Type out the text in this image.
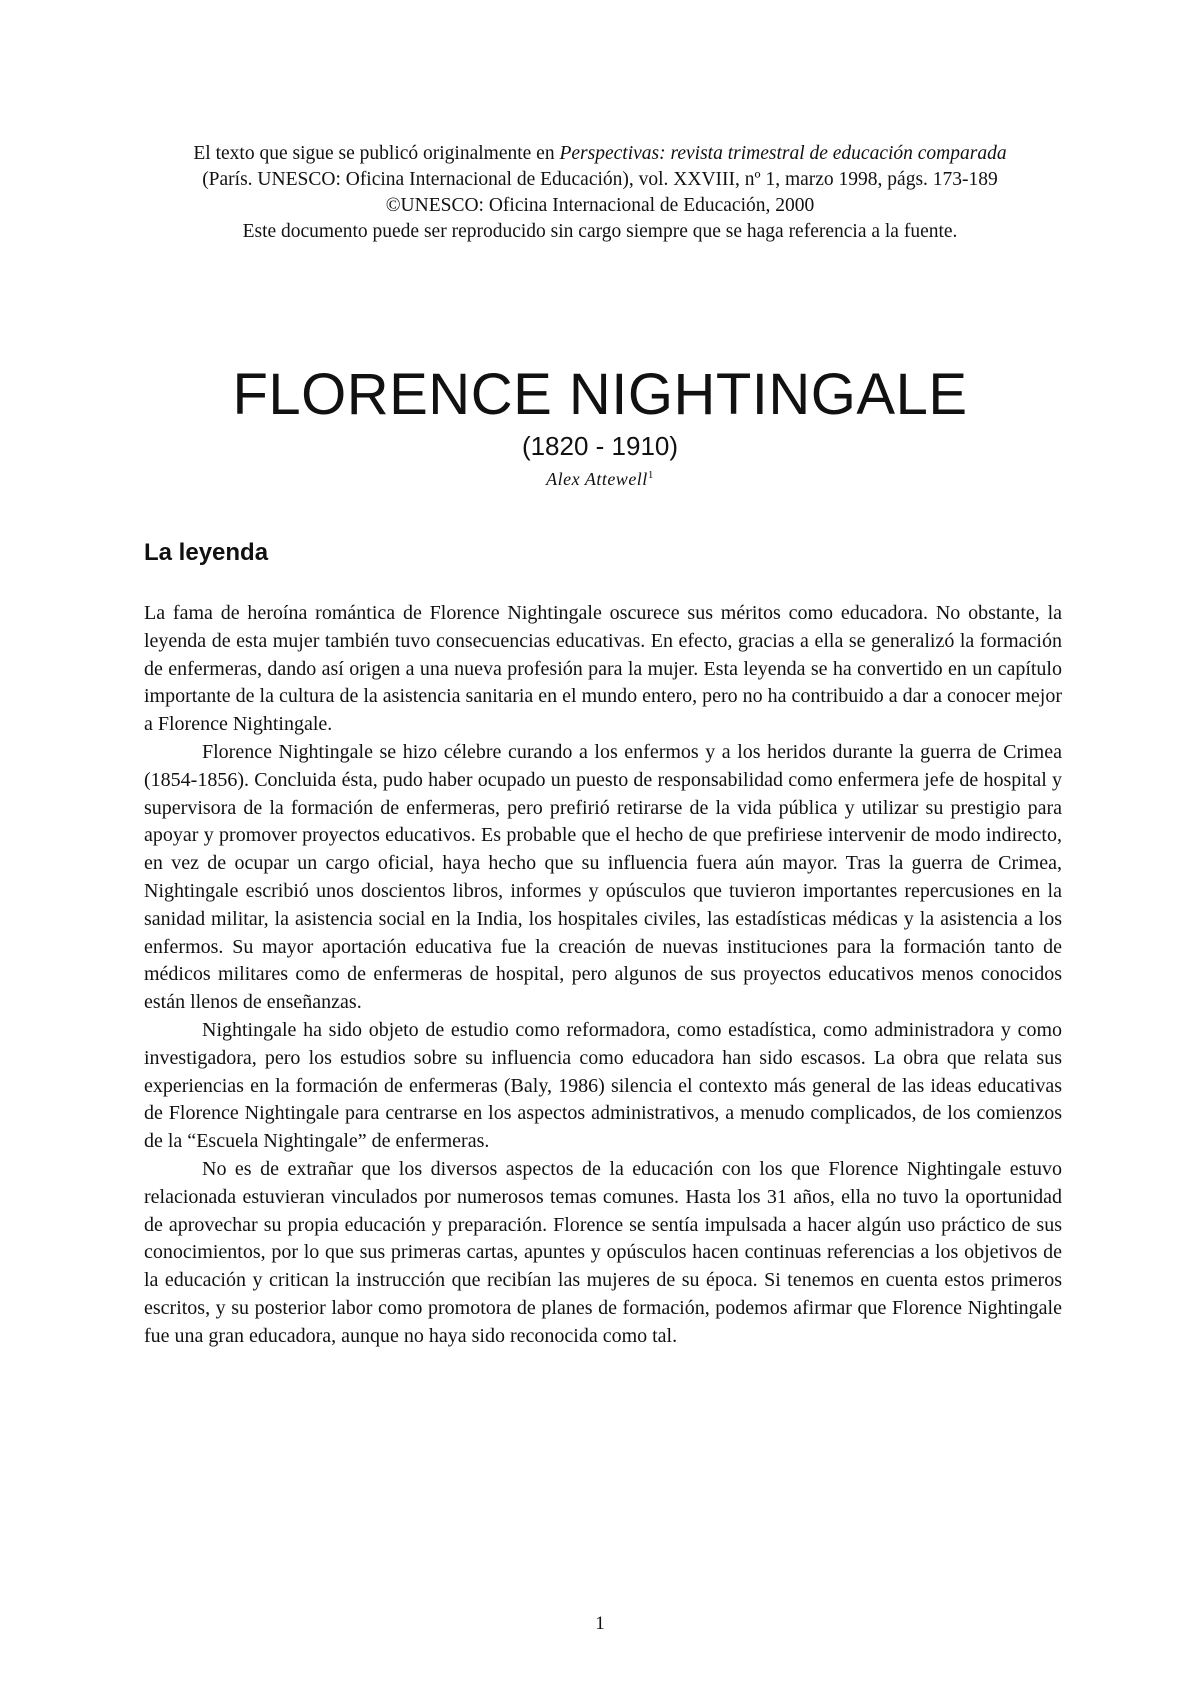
El texto que sigue se publicó originalmente en Perspectivas: revista trimestral de educación comparada (París. UNESCO: Oficina Internacional de Educación), vol. XXVIII, nº 1, marzo 1998, págs. 173-189

©UNESCO: Oficina Internacional de Educación, 2000

Este documento puede ser reproducido sin cargo siempre que se haga referencia a la fuente.

FLORENCE NIGHTINGALE
(1820 - 1910)
Alex Attewell$^1$
La leyenda

La fama de heroína romántica de Florence Nightingale oscurece sus méritos como educadora. No obstante, la leyenda de esta mujer también tuvo consecuencias educativas. En efecto, gracias a ella se generalizó la formación de enfermeras, dando así origen a una nueva profesión para la mujer. Esta leyenda se ha convertido en un capítulo importante de la cultura de la asistencia sanitaria en el mundo entero, pero no ha contribuido a dar a conocer mejor a Florence Nightingale.

Florence Nightingale se hizo célebre curando a los enfermos y a los heridos durante la guerra de Crimea (1854-1856). Concluida ésta, pudo haber ocupado un puesto de responsabilidad como enfermera jefe de hospital y supervisora de la formación de enfermeras, pero prefirió retirarse de la vida pública y utilizar su prestigio para apoyar y promover proyectos educativos. Es probable que el hecho de que prefiriese intervenir de modo indirecto, en vez de ocupar un cargo oficial, haya hecho que su influencia fuera aún mayor. Tras la guerra de Crimea, Nightingale escribió unos doscientos libros, informes y opúsculos que tuvieron importantes repercusiones en la sanidad militar, la asistencia social en la India, los hospitales civiles, las estadísticas médicas y la asistencia a los enfermos. Su mayor aportación educativa fue la creación de nuevas instituciones para la formación tanto de médicos militares como de enfermeras de hospital, pero algunos de sus proyectos educativos menos conocidos están llenos de enseñanzas.

Nightingale ha sido objeto de estudio como reformadora, como estadística, como administradora y como investigadora, pero los estudios sobre su influencia como educadora han sido escasos. La obra que relata sus experiencias en la formación de enfermeras (Baly, 1986) silencia el contexto más general de las ideas educativas de Florence Nightingale para centrarse en los aspectos administrativos, a menudo complicados, de los comienzos de la “Escuela Nightingale” de enfermeras.

No es de extrañar que los diversos aspectos de la educación con los que Florence Nightingale estuvo relacionada estuvieran vinculados por numerosos temas comunes. Hasta los 31 años, ella no tuvo la oportunidad de aprovechar su propia educación y preparación. Florence se sentía impulsada a hacer algún uso práctico de sus conocimientos, por lo que sus primeras cartas, apuntes y opúsculos hacen continuas referencias a los objetivos de la educación y critican la instrucción que recibían las mujeres de su época. Si tenemos en cuenta estos primeros escritos, y su posterior labor como promotora de planes de formación, podemos afirmar que Florence Nightingale fue una gran educadora, aunque no haya sido reconocida como tal.

1
